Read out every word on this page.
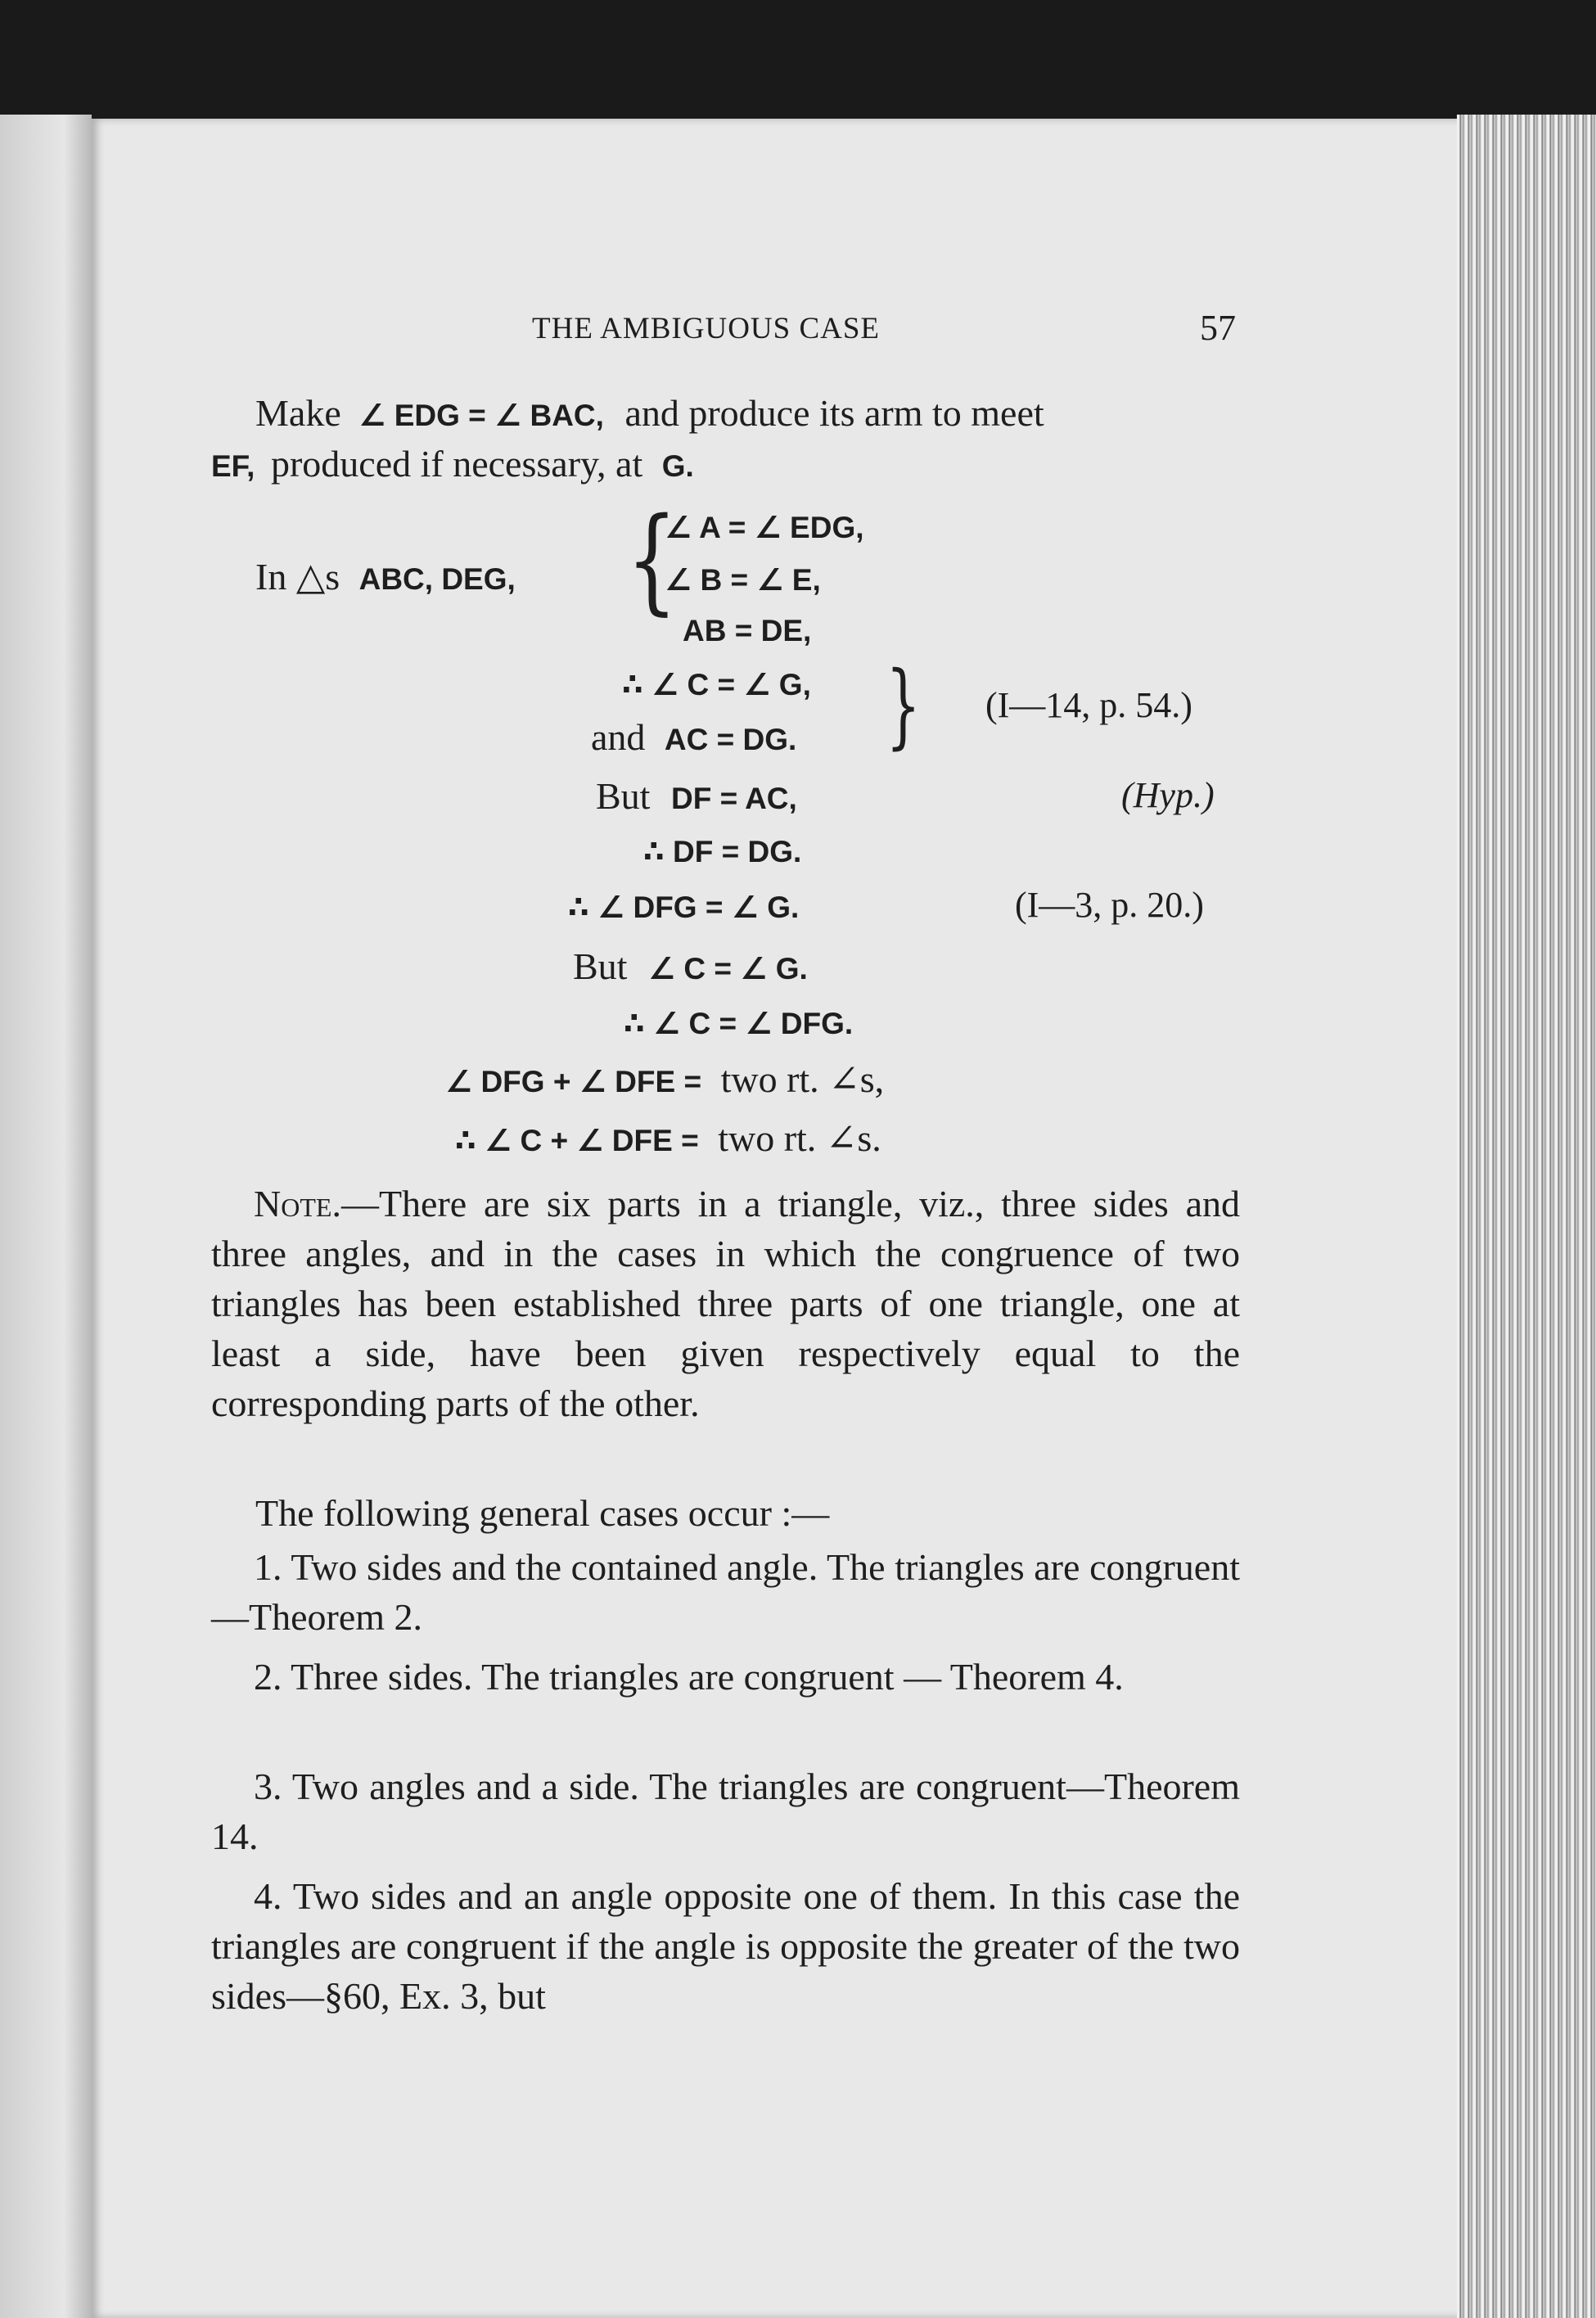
THE AMBIGUOUS CASE	57
Make ∠ EDG = ∠ BAC, and produce its arm to meet
EF, produced if necessary, at G.
In △s ABC, DEG, {
∠ A = ∠ EDG,
∠ B = ∠ E,
AB = DE,
∴ ∠ C = ∠ G,
and AC = DG. } (I—14, p. 54.)
But DF = AC,	(Hyp.)
∴ DF = DG.
∴ ∠ DFG = ∠ G.	(I—3, p. 20.)
But ∠ C = ∠ G.
∴ ∠ C = ∠ DFG.
∠ DFG + ∠ DFE = two rt. ∠s,
∴ ∠ C + ∠ DFE = two rt. ∠s.
Note.—There are six parts in a triangle, viz., three sides and three angles, and in the cases in which the congruence of two triangles has been established three parts of one triangle, one at least a side, have been given respectively equal to the corresponding parts of the other.
The following general cases occur :—
1. Two sides and the contained angle. The triangles are congruent—Theorem 2.
2. Three sides. The triangles are congruent — Theorem 4.
3. Two angles and a side. The triangles are congruent—Theorem 14.
4. Two sides and an angle opposite one of them. In this case the triangles are congruent if the angle is opposite the greater of the two sides—§60, Ex. 3, but
